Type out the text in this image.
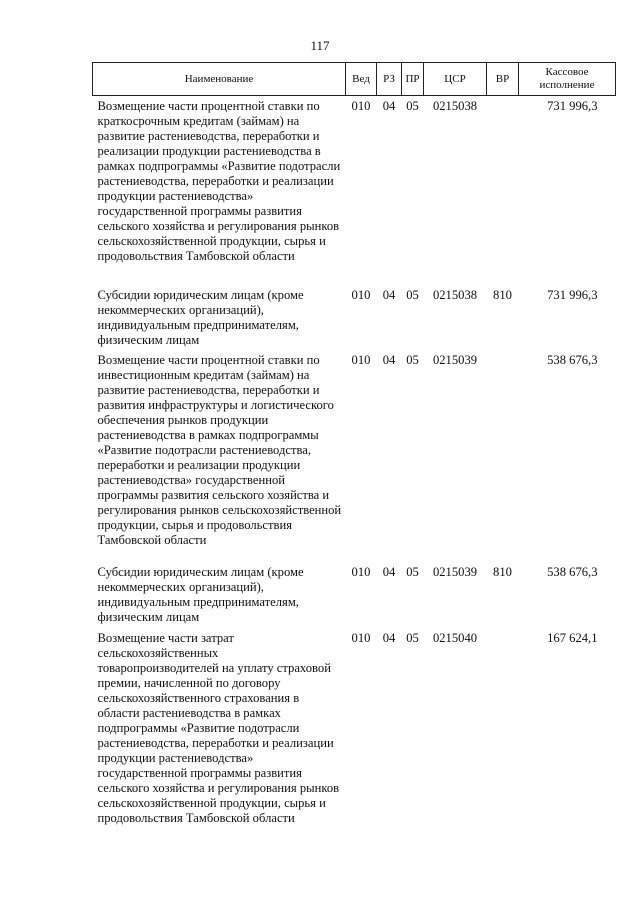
117
Наименование	Вед	РЗ	ПР	ЦСР	ВР	Кассовое исполнение
Возмещение части процентной ставки по краткосрочным кредитам (займам) на развитие растениеводства, переработки и реализации продукции растениеводства в рамках подпрограммы «Развитие подотрасли растениеводства, переработки и реализации продукции растениеводства» государственной программы развития сельского хозяйства и регулирования рынков сельскохозяйственной продукции, сырья и продовольствия Тамбовской области	010	04	05	0215038		731 996,3
Субсидии юридическим лицам (кроме некоммерческих организаций), индивидуальным предпринимателям, физическим лицам	010	04	05	0215038	810	731 996,3
Возмещение части процентной ставки по инвестиционным кредитам (займам) на развитие растениеводства, переработки и развития инфраструктуры и логистического обеспечения рынков продукции растениеводства в рамках подпрограммы «Развитие подотрасли растениеводства, переработки и реализации продукции растениеводства» государственной программы развития сельского хозяйства и регулирования рынков сельскохозяйственной продукции, сырья и продовольствия Тамбовской области	010	04	05	0215039		538 676,3
Субсидии юридическим лицам (кроме некоммерческих организаций), индивидуальным предпринимателям, физическим лицам	010	04	05	0215039	810	538 676,3
Возмещение части затрат сельскохозяйственных товаропроизводителей на уплату страховой премии, начисленной по договору сельскохозяйственного страхования в области растениеводства в рамках подпрограммы «Развитие подотрасли растениеводства, переработки и реализации продукции растениеводства» государственной программы развития сельского хозяйства и регулирования рынков сельскохозяйственной продукции, сырья и продовольствия Тамбовской области	010	04	05	0215040		167 624,1
